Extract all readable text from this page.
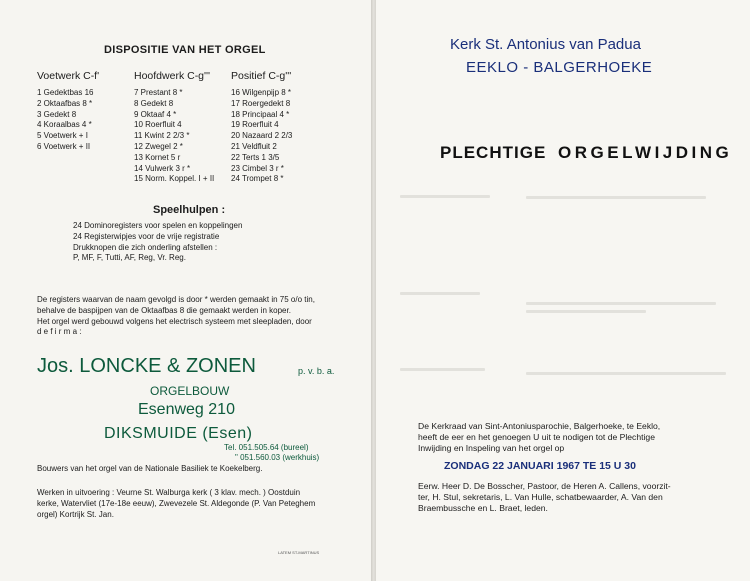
DISPOSITIE VAN HET ORGEL
Voetwerk C-f'	Hoofdwerk C-g''' Positief C-g'''
1 Gedektbas 16
2 Oktaafbas 8 *
3 Gedekt 8
4 Koraalbas 4 *
5 Voetwerk + I
6 Voetwerk + II
7 Prestant 8 *
8 Gedekt 8
9 Oktaaf 4 *
10 Roerfluit 4
11 Kwint 2 2/3 *
12 Zwegel 2 *
13 Kornet 5 r
14 Vulwerk 3 r *
15 Norm. Koppel. I + II
16 Wilgenpijp 8 *
17 Roergedekt 8
18 Principaal 4 *
19 Roerfluit 4
20 Nazaard 2 2/3
21 Veldfluit 2
22 Terts 1 3/5
23 Cimbel 3 r *
24 Trompet 8 *
Speelhulpen :
24 Dominoregisters voor spelen en koppelingen
24 Registerwipjes voor de vrije registratie
Drukknopen die zich onderling afstellen :
P, MF, F, Tutti, AF, Reg, Vr. Reg.
De registers waarvan de naam gevolgd is door * werden gemaakt in 75 o/o tin,
behalve de baspijpen van de Oktaafbas 8 die gemaakt werden in koper.
Het orgel werd gebouwd volgens het electrisch systeem met sleepladen, door
d e f i r m a :
Jos. LONCKE & ZONEN	p. v. b. a.
ORGELBOUW
Esenweg 210
DIKSMUIDE (Esen)
Tel. 051.505.64 (bureel)
" 051.560.03 (werkhuis)
Bouwers van het orgel van de Nationale Basiliek te Koekelberg.
Werken in uitvoering : Veurne St. Walburga kerk ( 3 klav. mech. ) Oostduin
kerke, Watervliet (17e-18e eeuw), Zwevezele St. Aldegonde (P. Van Peteghem
orgel) Kortrijk St. Jan.
LATEM ST-MARTINUS
Kerk St. Antonius van Padua
EEKLO - BALGERHOEKE
PLECHTIGE ORGELWIJDING
De Kerkraad van Sint-Antoniusparochie, Balgerhoeke, te Eeklo,
heeft de eer en het genoegen U uit te nodigen tot de Plechtige
Inwijding en Inspeling van het orgel op
ZONDAG 22 JANUARI 1967 TE 15 U 30
Eerw. Heer D. De Bosscher, Pastoor, de Heren A. Callens, voorzit-
ter, H. Stul, sekretaris, L. Van Hulle, schatbewaarder, A. Van den
Braembussche en L. Braet, leden.
